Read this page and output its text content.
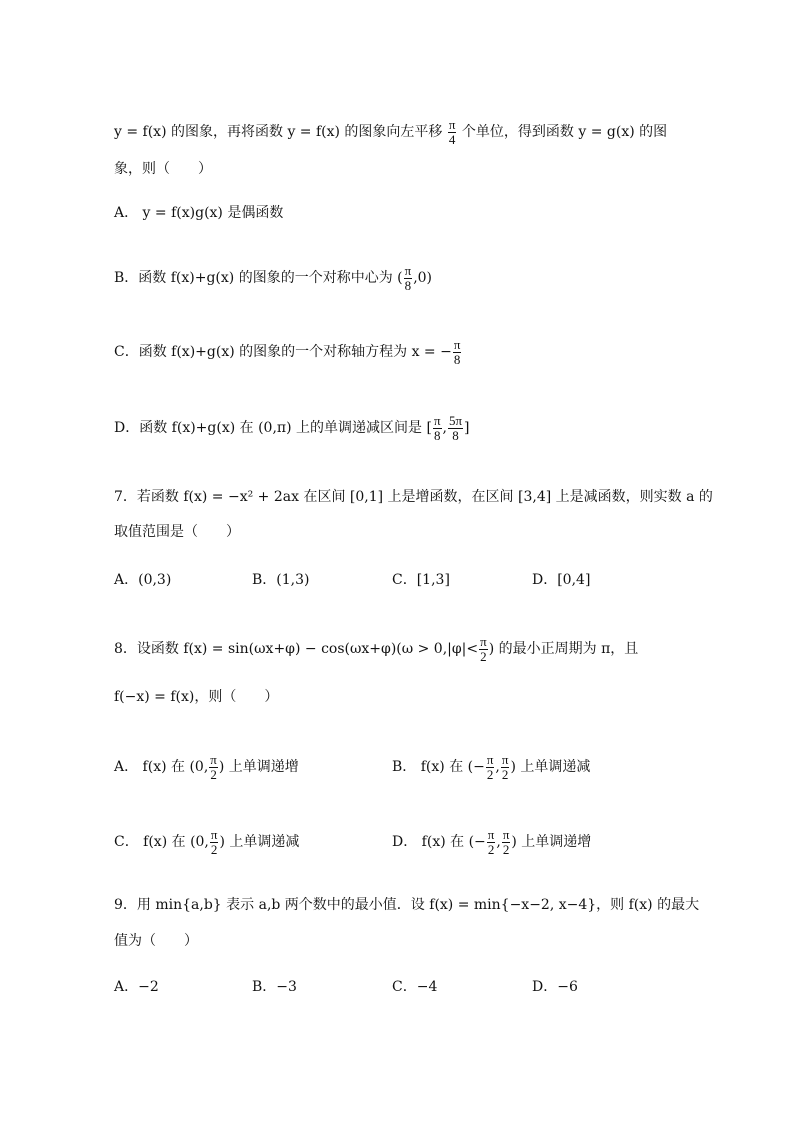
y = f(x) 的图象，再将函数 y = f(x) 的图象向左平移 $\frac{\pi}{4}$ 个单位，得到函数 y = g(x) 的图
象，则（　　）
A． y = f(x)g(x) 是偶函数
B．函数 f(x)+g(x) 的图象的一个对称中心为 ( $\frac{\pi}{8} ,0$)
C．函数 f(x)+g(x) 的图象的一个对称轴方程为 x = − $\frac{\pi}{8}$
D．函数 f(x)+g(x) 在 (0,π) 上的单调递减区间是 [ $\frac{\pi}{8}$ , $\frac{5\pi}{8}$ ]
7．若函数 f(x) = −x² + 2ax 在区间 [0,1] 上是增函数，在区间 [3,4] 上是减函数，则实数 a 的
取值范围是（　　）
A．(0,3)	B．(1,3)	C．[1,3]	D．[0,4]
8．设函数 $f(x) = \sin(\omega x+\varphi) - \cos(\omega x+\varphi)(\omega > 0,|\varphi|< \frac{\pi}{2}$ ) 的最小正周期为 π，且
f(−x) = f(x)，则（　　）
A． f(x) 在 (0, $\frac{\pi}{2}$ ) 上单调递增	B． f(x) 在 (− $\frac{\pi}{2}$ , $\frac{\pi}{2}$ ) 上单调递减
C． f(x) 在 (0, $\frac{\pi}{2}$ ) 上单调递减	D． f(x) 在 (− $\frac{\pi}{2}$ , $\frac{\pi}{2}$ ) 上单调递增
9．用 min{a,b} 表示 a,b 两个数中的最小值．设 f(x) = min{−x−2, x−4}，则 f(x) 的最大
值为（　　）
A．−2	B．−3	C．−4	D．−6
